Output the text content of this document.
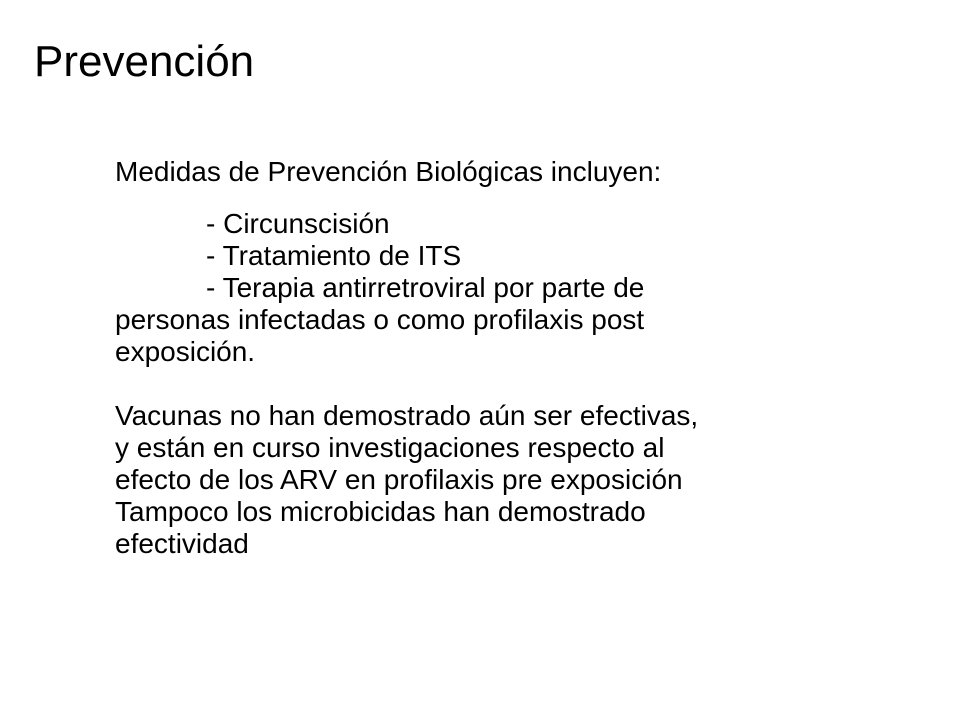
Prevención
Medidas de Prevención Biológicas incluyen:
- Circunscisión
- Tratamiento de ITS
- Terapia antirretroviral por parte de
personas infectadas o como profilaxis post
exposición.
Vacunas no han demostrado aún ser efectivas,
y están en curso investigaciones respecto al
efecto de los ARV en profilaxis pre exposición
Tampoco los microbicidas han demostrado
efectividad
